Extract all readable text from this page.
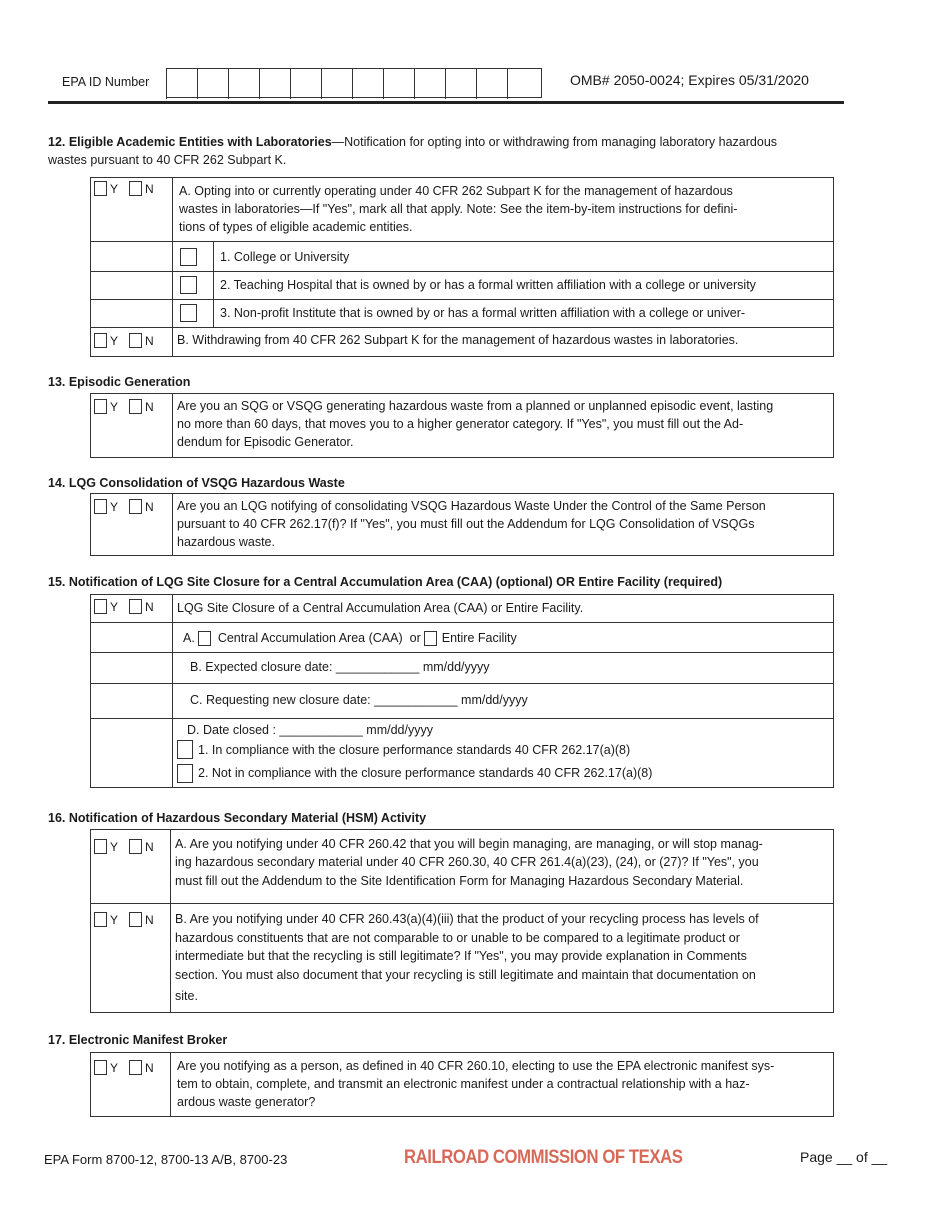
EPA ID Number	OMB# 2050-0024; Expires 05/31/2020
12. Eligible Academic Entities with Laboratories—Notification for opting into or withdrawing from managing laboratory hazardous
wastes pursuant to 40 CFR 262 Subpart K.
Y N A. Opting into or currently operating under 40 CFR 262 Subpart K for the management of hazardous
wastes in laboratories—If "Yes", mark all that apply. Note: See the item-by-item instructions for defini-
tions of types of eligible academic entities.
1. College or University
2. Teaching Hospital that is owned by or has a formal written affiliation with a college or university
3. Non-profit Institute that is owned by or has a formal written affiliation with a college or univer-
Y N B. Withdrawing from 40 CFR 262 Subpart K for the management of hazardous wastes in laboratories.
13. Episodic Generation
Y N Are you an SQG or VSQG generating hazardous waste from a planned or unplanned episodic event, lasting
no more than 60 days, that moves you to a higher generator category. If "Yes", you must fill out the Ad-
dendum for Episodic Generator.
14. LQG Consolidation of VSQG Hazardous Waste
Y N Are you an LQG notifying of consolidating VSQG Hazardous Waste Under the Control of the Same Person
pursuant to 40 CFR 262.17(f)? If "Yes", you must fill out the Addendum for LQG Consolidation of VSQGs
hazardous waste.
15. Notification of LQG Site Closure for a Central Accumulation Area (CAA) (optional) OR Entire Facility (required)
Y N LQG Site Closure of a Central Accumulation Area (CAA) or Entire Facility.
A. Central Accumulation Area (CAA) or Entire Facility
B. Expected closure date: ____________ mm/dd/yyyy
C. Requesting new closure date: ____________ mm/dd/yyyy
D. Date closed : ____________ mm/dd/yyyy
1. In compliance with the closure performance standards 40 CFR 262.17(a)(8)
2. Not in compliance with the closure performance standards 40 CFR 262.17(a)(8)
16. Notification of Hazardous Secondary Material (HSM) Activity
Y N A. Are you notifying under 40 CFR 260.42 that you will begin managing, are managing, or will stop manag-
ing hazardous secondary material under 40 CFR 260.30, 40 CFR 261.4(a)(23), (24), or (27)? If "Yes", you
must fill out the Addendum to the Site Identification Form for Managing Hazardous Secondary Material.
Y N B. Are you notifying under 40 CFR 260.43(a)(4)(iii) that the product of your recycling process has levels of
hazardous constituents that are not comparable to or unable to be compared to a legitimate product or
intermediate but that the recycling is still legitimate? If "Yes", you may provide explanation in Comments
section. You must also document that your recycling is still legitimate and maintain that documentation on
site.
17. Electronic Manifest Broker
Y N Are you notifying as a person, as defined in 40 CFR 260.10, electing to use the EPA electronic manifest sys-
tem to obtain, complete, and transmit an electronic manifest under a contractual relationship with a haz-
ardous waste generator?
EPA Form 8700-12, 8700-13 A/B, 8700-23	RAILROAD COMMISSION OF TEXAS	Page __ of __
